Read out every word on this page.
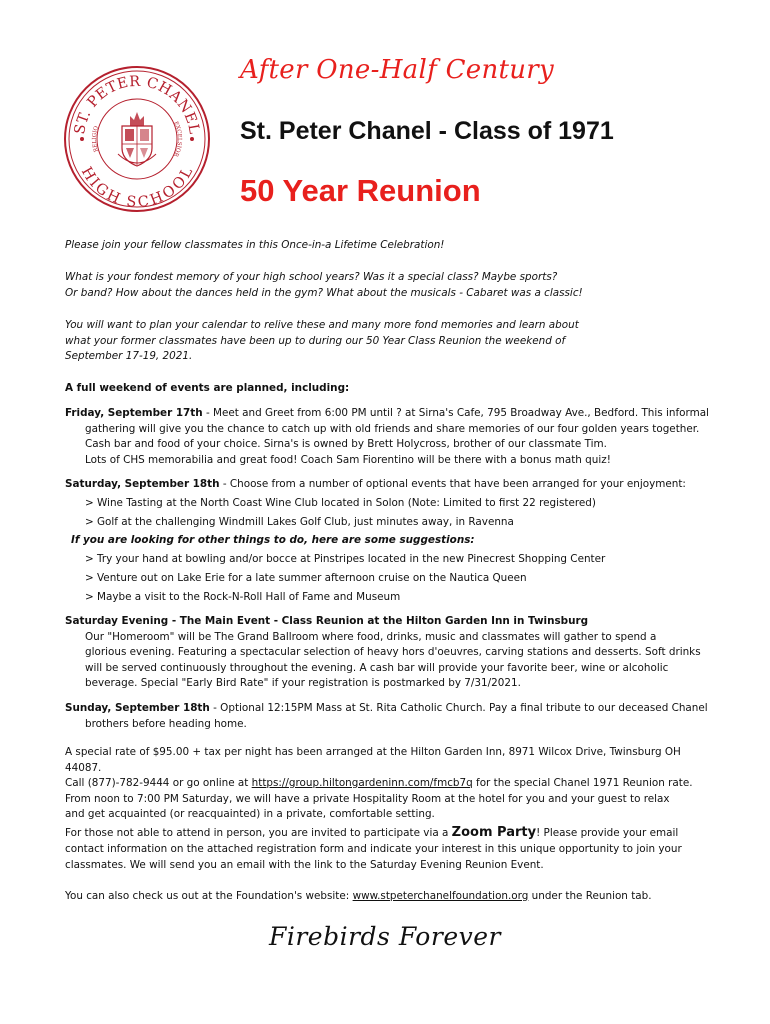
ST. PETER CHANEL
HIGH SCHOOL
RELIGIO
EXCELSIOR
After One-Half Century
St. Peter Chanel - Class of 1971
50 Year Reunion
Please join your fellow classmates in this Once-in-a Lifetime Celebration!
What is your fondest memory of your high school years? Was it a special class? Maybe sports?
Or band? How about the dances held in the gym? What about the musicals - Cabaret was a classic!
You will want to plan your calendar to relive these and many more fond memories and learn about
what your former classmates have been up to during our 50 Year Class Reunion the weekend of
September 17-19, 2021.
A full weekend of events are planned, including:
Friday, September 17th - Meet and Greet from 6:00 PM until ? at Sirna's Cafe, 795 Broadway Ave., Bedford. This informal
gathering will give you the chance to catch up with old friends and share memories of our four golden years together.
Cash bar and food of your choice. Sirna's is owned by Brett Holycross, brother of our classmate Tim.
Lots of CHS memorabilia and great food! Coach Sam Fiorentino will be there with a bonus math quiz!
Saturday, September 18th - Choose from a number of optional events that have been arranged for your enjoyment:
> Wine Tasting at the North Coast Wine Club located in Solon (Note: Limited to first 22 registered)
> Golf at the challenging Windmill Lakes Golf Club, just minutes away, in Ravenna
If you are looking for other things to do, here are some suggestions:
> Try your hand at bowling and/or bocce at Pinstripes located in the new Pinecrest Shopping Center
> Venture out on Lake Erie for a late summer afternoon cruise on the Nautica Queen
> Maybe a visit to the Rock-N-Roll Hall of Fame and Museum
Saturday Evening - The Main Event - Class Reunion at the Hilton Garden Inn in Twinsburg
Our "Homeroom" will be The Grand Ballroom where food, drinks, music and classmates will gather to spend a
glorious evening. Featuring a spectacular selection of heavy hors d'oeuvres, carving stations and desserts. Soft drinks
will be served continuously throughout the evening. A cash bar will provide your favorite beer, wine or alcoholic
beverage. Special "Early Bird Rate" if your registration is postmarked by 7/31/2021.
Sunday, September 18th - Optional 12:15PM Mass at St. Rita Catholic Church. Pay a final tribute to our deceased Chanel
brothers before heading home.
A special rate of $95.00 + tax per night has been arranged at the Hilton Garden Inn, 8971 Wilcox Drive, Twinsburg OH 44087.
Call (877)-782-9444 or go online at https://group.hiltongardeninn.com/fmcb7q for the special Chanel 1971 Reunion rate.
From noon to 7:00 PM Saturday, we will have a private Hospitality Room at the hotel for you and your guest to relax
and get acquainted (or reacquainted) in a private, comfortable setting.
For those not able to attend in person, you are invited to participate via a Zoom Party! Please provide your email
contact information on the attached registration form and indicate your interest in this unique opportunity to join your
classmates. We will send you an email with the link to the Saturday Evening Reunion Event.
You can also check us out at the Foundation's website: www.stpeterchanelfoundation.org under the Reunion tab.
Firebirds Forever
